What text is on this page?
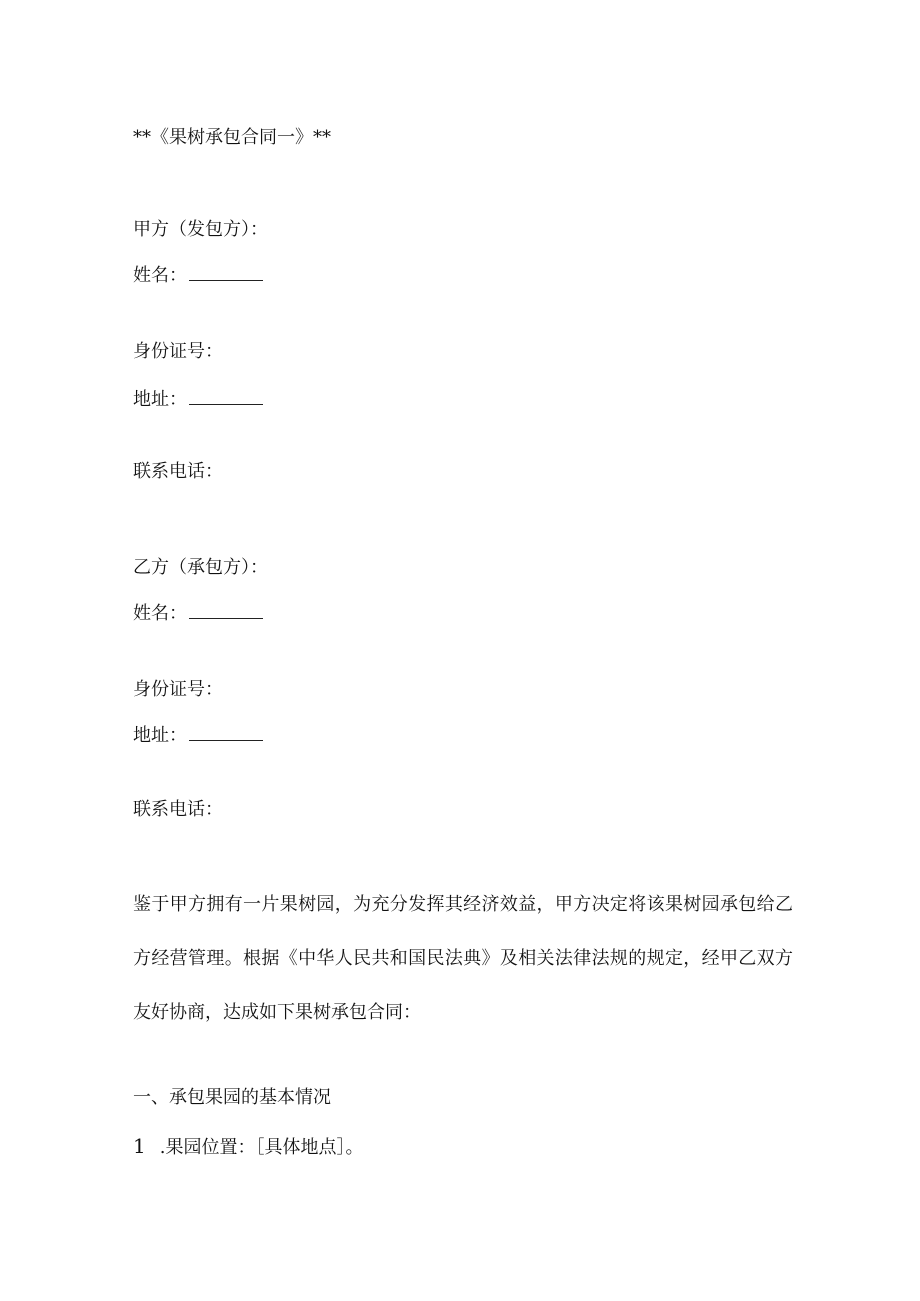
**《果树承包合同一》**
甲方（发包方）：
姓名：
身份证号：
地址：
联系电话：
乙方（承包方）：
姓名：
身份证号：
地址：
联系电话：
鉴于甲方拥有一片果树园，为充分发挥其经济效益，甲方决定将该果树园承包给乙方经营管理。根据《中华人民共和国民法典》及相关法律法规的规定，经甲乙双方友好协商，达成如下果树承包合同：
一、承包果园的基本情况
1 .果园位置：［具体地点］。
